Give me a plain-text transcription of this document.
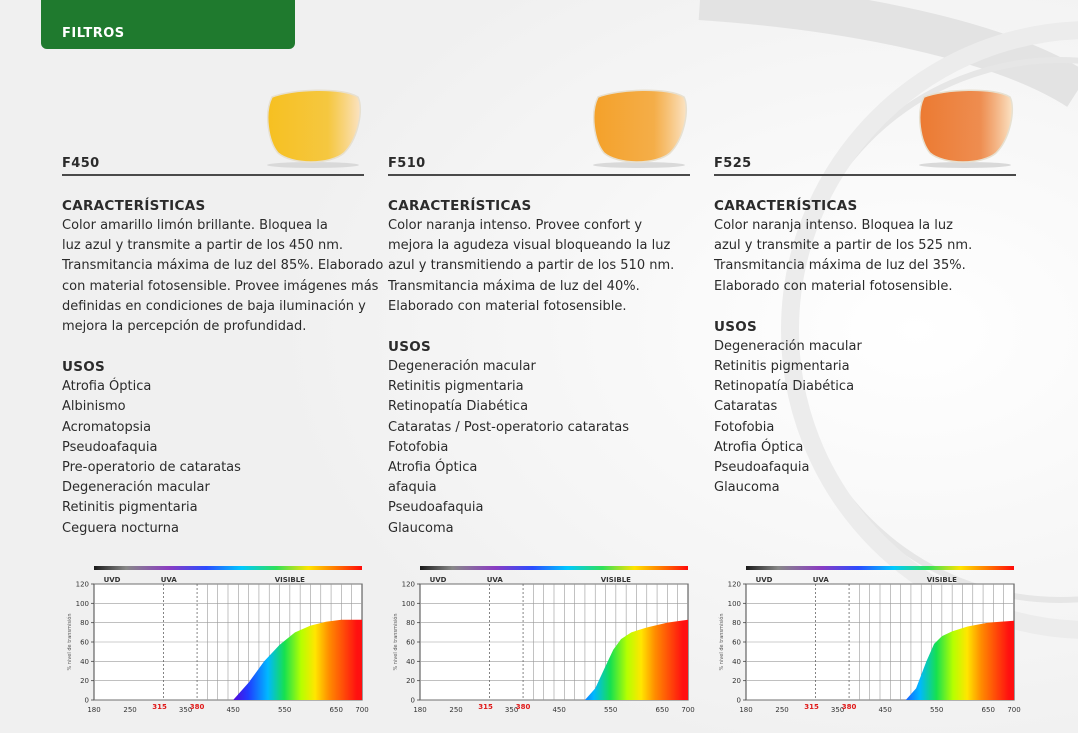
FILTROS
F450
CARACTERÍSTICAS

Color amarillo limón brillante. Bloquea la

luz azul y transmite a partir de los 450 nm.

Transmitancia máxima de luz del 85%. Elaborado

con material fotosensible. Provee imágenes más

definidas en condiciones de baja iluminación y

mejora la percepción de profundidad.

USOS

Atrofia Óptica

Albinismo

Acromatopsia

Pseudoafaquia

Pre-operatorio de cataratas

Degeneración macular

Retinitis pigmentaria

Ceguera nocturna

UVD	UVA	VISIBLE
0
20
40
60
80
100
120
% nivel de transmisión
180	250 315 350
380	450	550	650 700
F510
CARACTERÍSTICAS

Color naranja intenso. Provee confort y

mejora la agudeza visual bloqueando la luz

azul y transmitiendo a partir de los 510 nm.

Transmitancia máxima de luz del 40%.

Elaborado con material fotosensible.

USOS

Degeneración macular

Retinitis pigmentaria

Retinopatía Diabética

Cataratas / Post-operatorio cataratas

Fotofobia

Atrofia Óptica

afaquia

Pseudoafaquia

Glaucoma

UVD	UVA	VISIBLE
0
20
40
60
80
100
120
% nivel de transmisión
180	250 315 350
380	450	550	650 700
F525
CARACTERÍSTICAS

Color naranja intenso. Bloquea la luz

azul y transmite a partir de los 525 nm.

Transmitancia máxima de luz del 35%.

Elaborado con material fotosensible.

USOS

Degeneración macular

Retinitis pigmentaria

Retinopatía Diabética

Cataratas

Fotofobia

Atrofia Óptica

Pseudoafaquia

Glaucoma

UVD	UVA	VISIBLE
0
20
40
60
80
100
120
% nivel de transmisión
180	250 315 350
380	450	550	650 700
